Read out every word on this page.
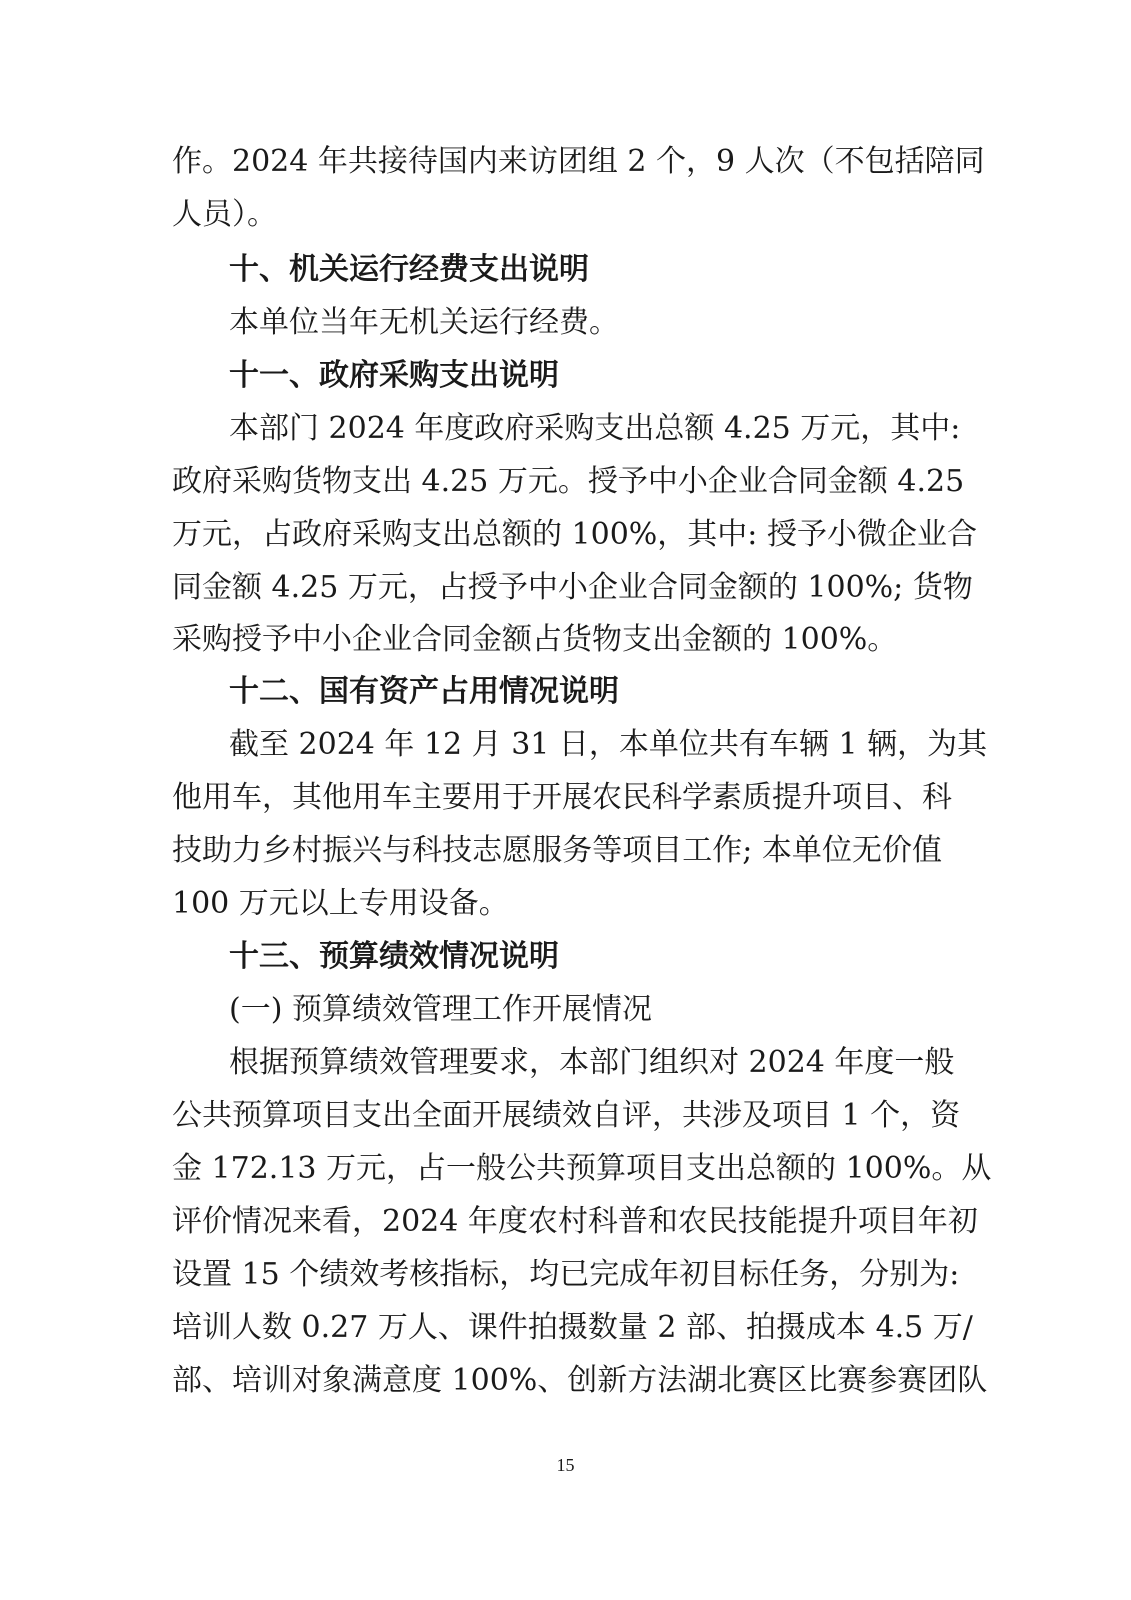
作。2024 年共接待国内来访团组 2 个，9 人次（不包括陪同
人员）。
十、机关运行经费支出说明
本单位当年无机关运行经费。
十一、政府采购支出说明
本部门 2024 年度政府采购支出总额 4.25 万元，其中:
政府采购货物支出 4.25 万元。授予中小企业合同金额 4.25
万元，占政府采购支出总额的 100%，其中: 授予小微企业合
同金额 4.25 万元，占授予中小企业合同金额的 100%; 货物
采购授予中小企业合同金额占货物支出金额的 100%。
十二、国有资产占用情况说明
截至 2024 年 12 月 31 日，本单位共有车辆 1 辆，为其
他用车，其他用车主要用于开展农民科学素质提升项目、科
技助力乡村振兴与科技志愿服务等项目工作; 本单位无价值
100 万元以上专用设备。
十三、预算绩效情况说明
(一) 预算绩效管理工作开展情况
根据预算绩效管理要求，本部门组织对 2024 年度一般
公共预算项目支出全面开展绩效自评，共涉及项目 1 个，资
金 172.13 万元，占一般公共预算项目支出总额的 100%。从
评价情况来看，2024 年度农村科普和农民技能提升项目年初
设置 15 个绩效考核指标，均已完成年初目标任务，分别为:
培训人数 0.27 万人、课件拍摄数量 2 部、拍摄成本 4.5 万/
部、培训对象满意度 100%、创新方法湖北赛区比赛参赛团队
15
